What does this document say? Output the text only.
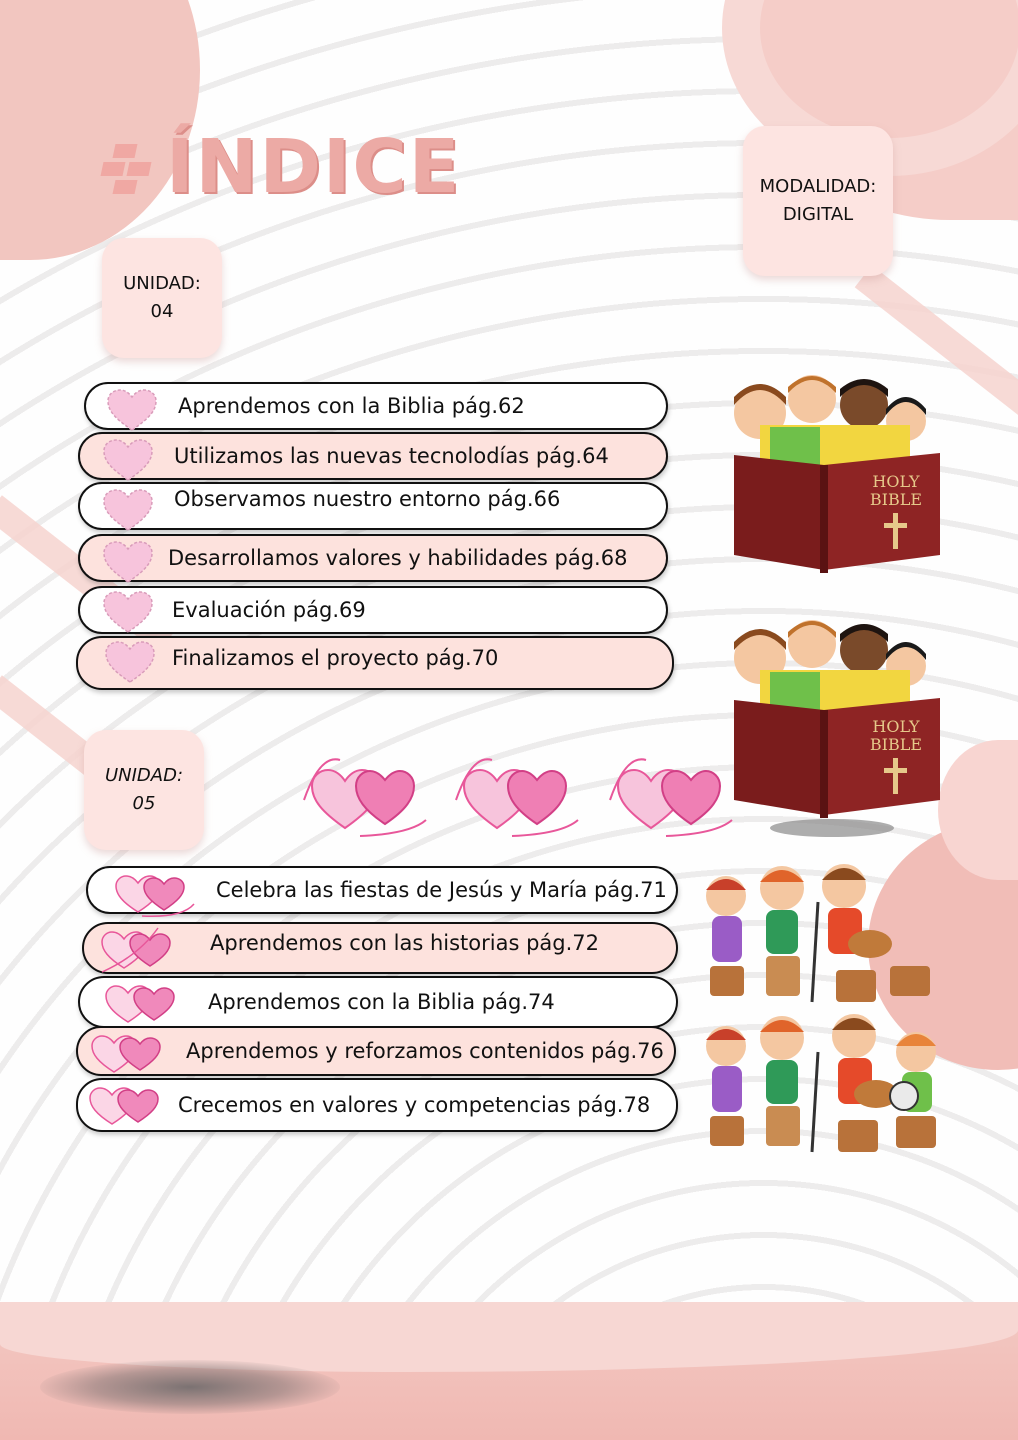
ÍNDICE	MODALIDAD:
DIGITAL
UNIDAD:
04
Aprendemos con la Biblia pág.62
Utilizamos las nuevas tecnolodías pág.64
Observamos nuestro entorno pág.66
Desarrollamos valores y habilidades pág.68
Evaluación pág.69
Finalizamos el proyecto pág.70
HOLY
BIBLE
HOLY
BIBLE
UNIDAD:
05
Celebra las fiestas de Jesús y María pág.71
Aprendemos con las historias pág.72
Aprendemos con la Biblia pág.74
Aprendemos y reforzamos contenidos pág.76
Crecemos en valores y competencias pág.78
